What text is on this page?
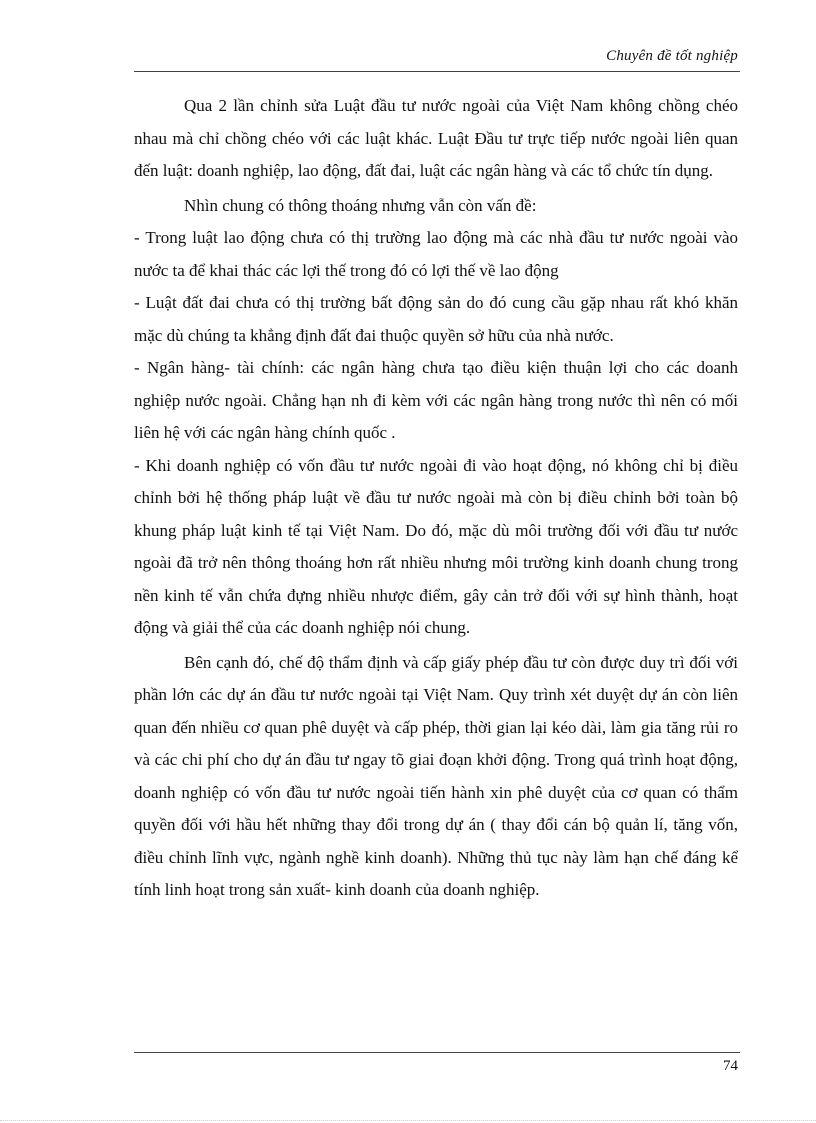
Chuyên đề tốt nghiệp

Qua 2 lần chỉnh sửa Luật đầu tư nước ngoài của Việt Nam không chồng chéo nhau mà chỉ chồng chéo với các luật khác. Luật Đầu tư trực tiếp nước ngoài liên quan đến luật: doanh nghiệp, lao động, đất đai, luật các ngân hàng và các tổ chức tín dụng.

Nhìn chung có thông thoáng nhưng vẫn còn vấn đề:

- Trong luật lao động chưa có thị trường lao động mà các nhà đầu tư nước ngoài vào nước ta để khai thác các lợi thế trong đó có lợi thế về lao động

- Luật đất đai chưa có thị trường bất động sản do đó cung cầu gặp nhau rất khó khăn mặc dù chúng ta khẳng định đất đai thuộc quyền sở hữu của nhà nước.

- Ngân hàng- tài chính: các ngân hàng chưa tạo điều kiện thuận lợi cho các doanh nghiệp nước ngoài. Chẳng hạn nh đi kèm với các ngân hàng trong nước thì nên có mối liên hệ với các ngân hàng chính quốc .

- Khi doanh nghiệp có vốn đầu tư nước ngoài đi vào hoạt động, nó không chỉ bị điều chỉnh bởi hệ thống pháp luật về đầu tư nước ngoài mà còn bị điều chỉnh bởi toàn bộ khung pháp luật kinh tế tại Việt Nam. Do đó, mặc dù môi trường đối với đầu tư nước ngoài đã trở nên thông thoáng hơn rất nhiều nhưng môi trường kinh doanh chung trong nền kinh tế vẫn chứa đựng nhiều nhược điểm, gây cản trở đối với sự hình thành, hoạt động và giải thể của các doanh nghiệp nói chung.

Bên cạnh đó, chế độ thẩm định và cấp giấy phép đầu tư còn được duy trì đối với phần lớn các dự án đầu tư nước ngoài tại Việt Nam. Quy trình xét duyệt dự án còn liên quan đến nhiều cơ quan phê duyệt và cấp phép, thời gian lại kéo dài, làm gia tăng rủi ro và các chi phí cho dự án đầu tư ngay tõ giai đoạn khởi động. Trong quá trình hoạt động, doanh nghiệp có vốn đầu tư nước ngoài tiến hành xin phê duyệt của cơ quan có thẩm quyền đối với hầu hết những thay đổi trong dự án ( thay đổi cán bộ quản lí, tăng vốn, điều chỉnh lĩnh vực, ngành nghề kinh doanh). Những thủ tục này làm hạn chế đáng kể tính linh hoạt trong sản xuất- kinh doanh của doanh nghiệp.

74
